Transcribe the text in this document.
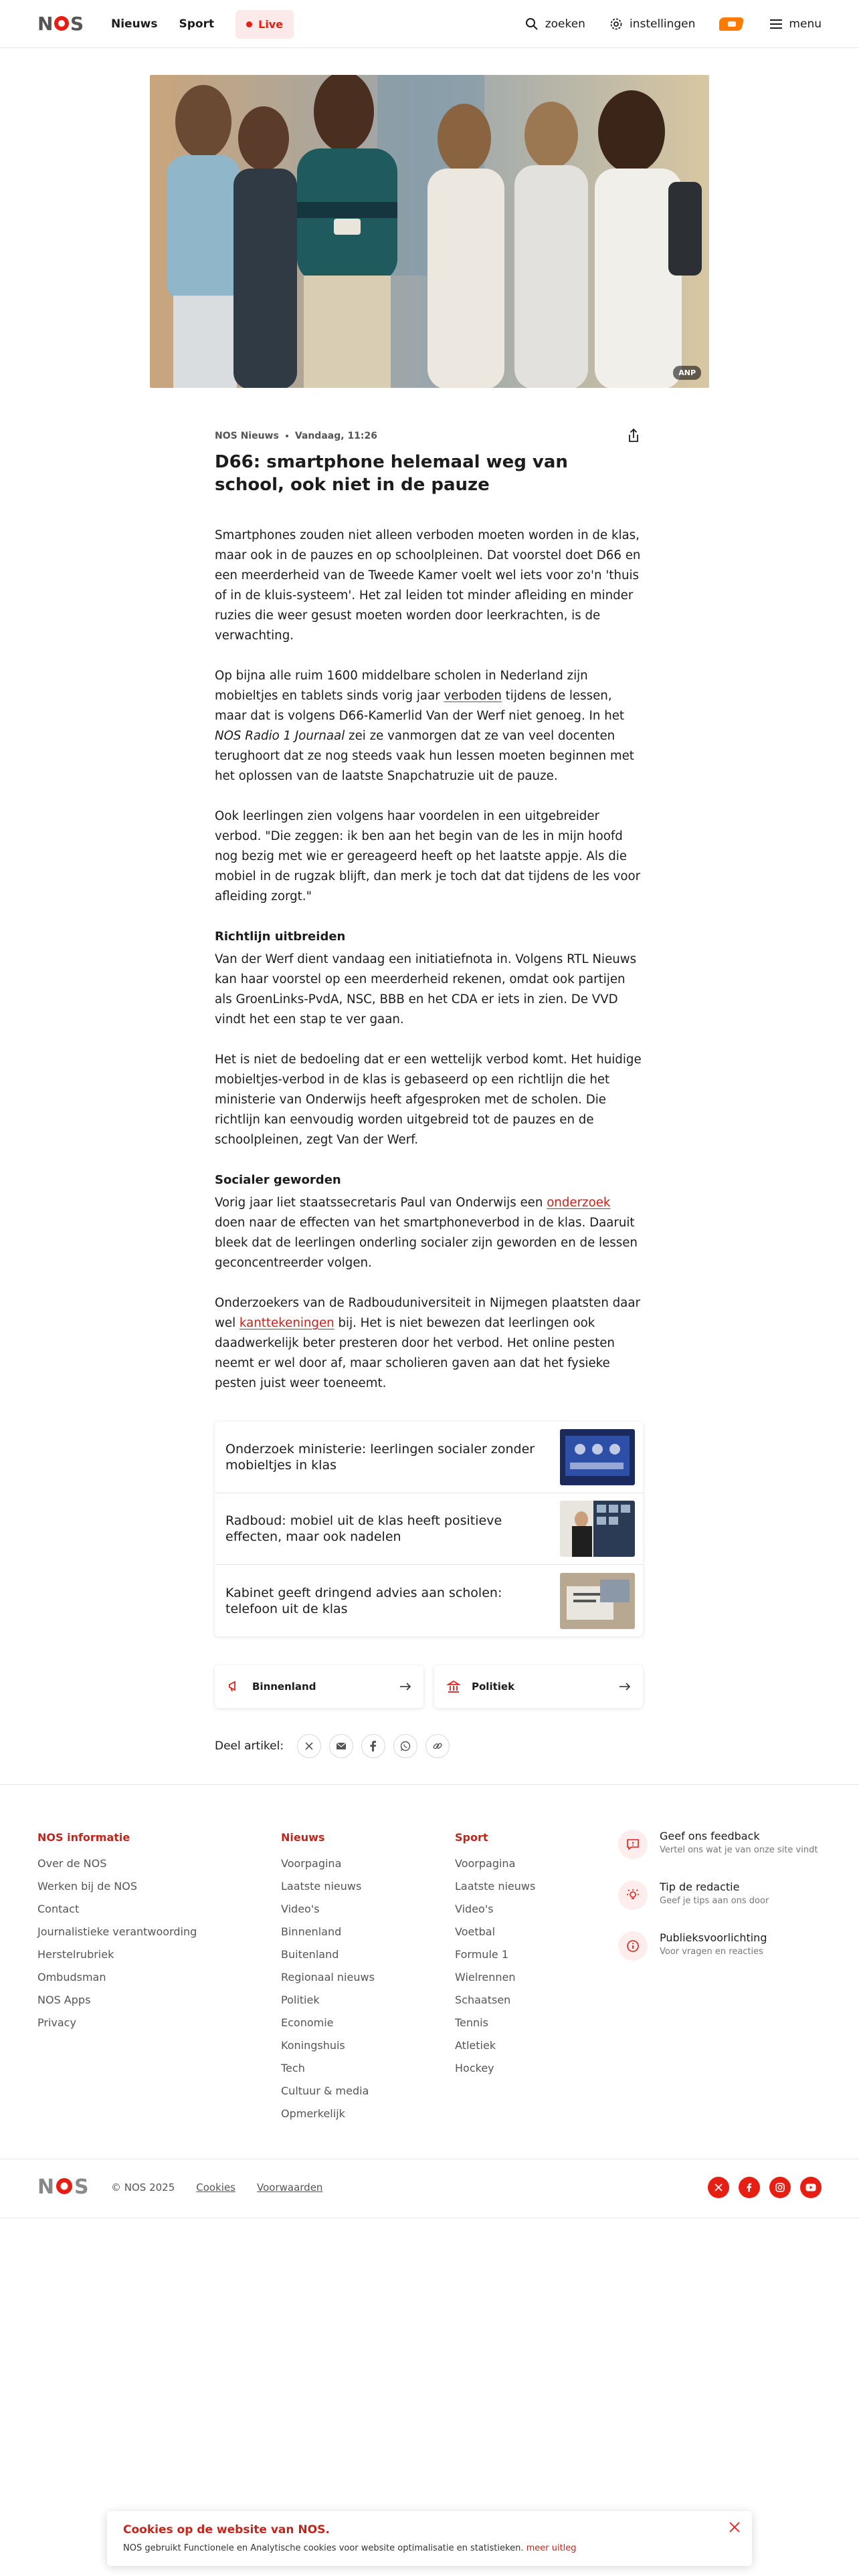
N S Nieuws Sport	Live	zoeken	instellingen	menu
ANP
NOS Nieuws Vandaag, 11:26
D66: smartphone helemaal weg van school, ook niet in de pauze

Smartphones zouden niet alleen verboden moeten worden in de klas, maar ook in de pauzes en op schoolpleinen. Dat voorstel doet D66 en een meerderheid van de Tweede Kamer voelt wel iets voor zo'n 'thuis of in de kluis-systeem'. Het zal leiden tot minder afleiding en minder ruzies die weer gesust moeten worden door leerkrachten, is de verwachting.

Op bijna alle ruim 1600 middelbare scholen in Nederland zijn mobieltjes en tablets sinds vorig jaar verboden tijdens de lessen, maar dat is volgens D66-Kamerlid Van der Werf niet genoeg. In het NOS Radio 1 Journaal zei ze vanmorgen dat ze van veel docenten terughoort dat ze nog steeds vaak hun lessen moeten beginnen met het oplossen van de laatste Snapchatruzie uit de pauze.

Ook leerlingen zien volgens haar voordelen in een uitgebreider verbod. "Die zeggen: ik ben aan het begin van de les in mijn hoofd nog bezig met wie er gereageerd heeft op het laatste appje. Als die mobiel in de rugzak blijft, dan merk je toch dat dat tijdens de les voor afleiding zorgt."

Richtlijn uitbreiden

Van der Werf dient vandaag een initiatiefnota in. Volgens RTL Nieuws kan haar voorstel op een meerderheid rekenen, omdat ook partijen als GroenLinks-PvdA, NSC, BBB en het CDA er iets in zien. De VVD vindt het een stap te ver gaan.

Het is niet de bedoeling dat er een wettelijk verbod komt. Het huidige mobieltjes-verbod in de klas is gebaseerd op een richtlijn die het ministerie van Onderwijs heeft afgesproken met de scholen. Die richtlijn kan eenvoudig worden uitgebreid tot de pauzes en de schoolpleinen, zegt Van der Werf.

Socialer geworden

Vorig jaar liet staatssecretaris Paul van Onderwijs een onderzoek doen naar de effecten van het smartphoneverbod in de klas. Daaruit bleek dat de leerlingen onderling socialer zijn geworden en de lessen geconcentreerder volgen.

Onderzoekers van de Radbouduniversiteit in Nijmegen plaatsten daar wel kanttekeningen bij. Het is niet bewezen dat leerlingen ook daadwerkelijk beter presteren door het verbod. Het online pesten neemt er wel door af, maar scholieren gaven aan dat het fysieke pesten juist weer toeneemt.

Onderzoek ministerie: leerlingen socialer zonder mobieltjes in klas
Radboud: mobiel uit de klas heeft positieve effecten, maar ook nadelen
Kabinet geeft dringend advies aan scholen: telefoon uit de klas
Binnenland	Politiek
Deel artikel:
NOS informatie
Over de NOS
Werken bij de NOS
Contact
Journalistieke verantwoording
Herstelrubriek
Ombudsman
NOS Apps
Privacy
Nieuws
Voorpagina
Laatste nieuws
Video's
Binnenland
Buitenland
Regionaal nieuws
Politiek
Economie
Koningshuis
Tech
Cultuur & media
Opmerkelijk
Sport
Voorpagina
Laatste nieuws
Video's
Voetbal
Formule 1
Wielrennen
Schaatsen
Tennis
Atletiek
Hockey
Geef ons feedback
Vertel ons wat je van onze site vindt
Tip de redactie
Geef je tips aan ons door
Publieksvoorlichting
Voor vragen en reacties
N S © NOS 2025 Cookies Voorwaarden
Cookies op de website van NOS.

NOS gebruikt Functionele en Analytische cookies voor website optimalisatie en statistieken. meer uitleg
